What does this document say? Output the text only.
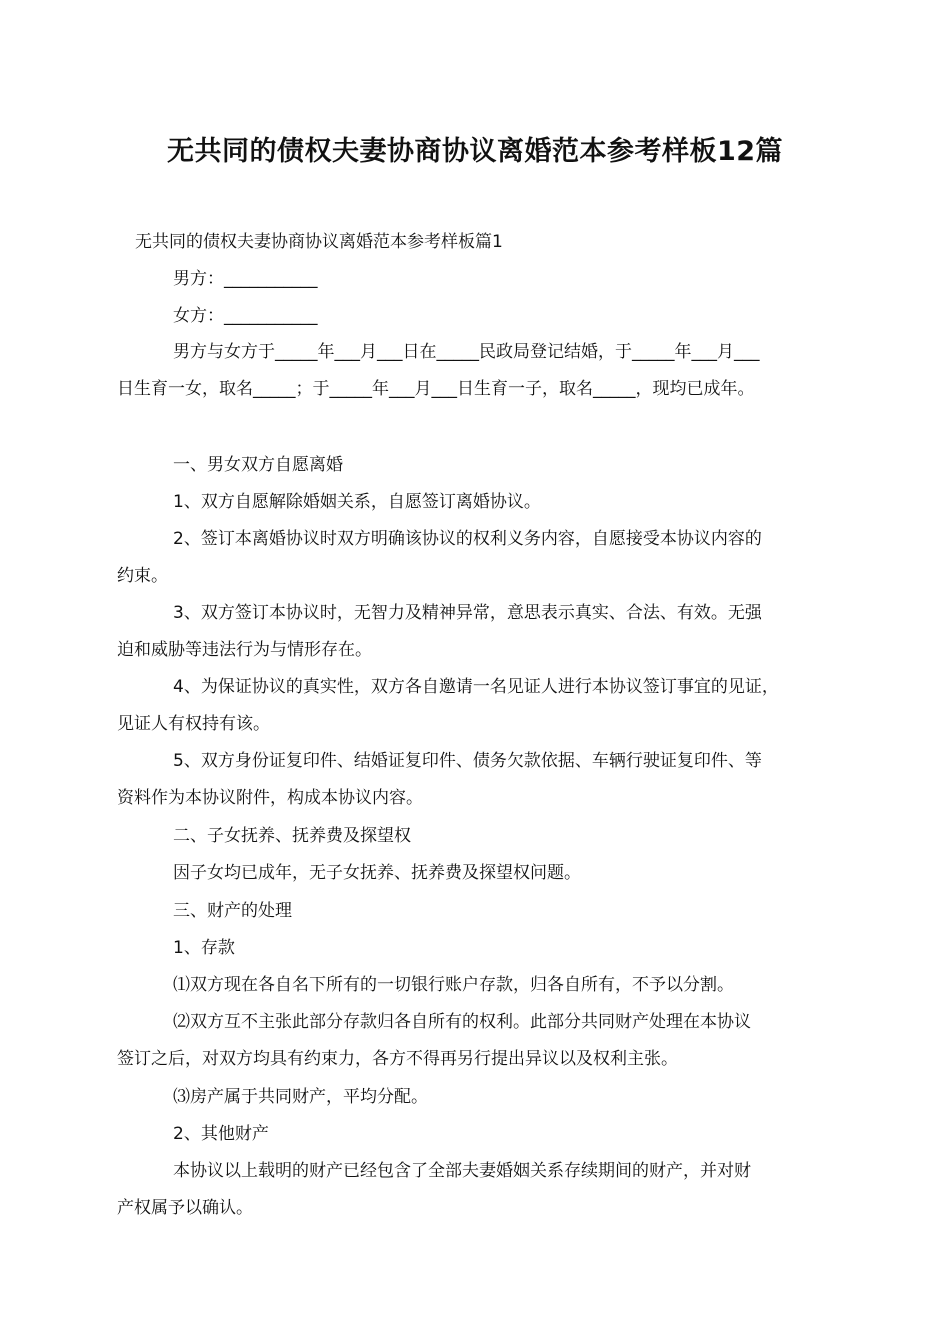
无共同的债权夫妻协商协议离婚范本参考样板12篇
无共同的债权夫妻协商协议离婚范本参考样板篇1
男方：___________
女方：___________
男方与女方于_____年___月___日在_____民政局登记结婚，于_____年___月___
日生育一女，取名_____；于_____年___月___日生育一子，取名_____，现均已成年。
一、男女双方自愿离婚
1、双方自愿解除婚姻关系，自愿签订离婚协议。
2、签订本离婚协议时双方明确该协议的权利义务内容，自愿接受本协议内容的
约束。
3、双方签订本协议时，无智力及精神异常，意思表示真实、合法、有效。无强
迫和威胁等违法行为与情形存在。
4、为保证协议的真实性，双方各自邀请一名见证人进行本协议签订事宜的见证，
见证人有权持有该。
5、双方身份证复印件、结婚证复印件、债务欠款依据、车辆行驶证复印件、等
资料作为本协议附件，构成本协议内容。
二、子女抚养、抚养费及探望权
因子女均已成年，无子女抚养、抚养费及探望权问题。
三、财产的处理
1、存款
⑴双方现在各自名下所有的一切银行账户存款，归各自所有，不予以分割。
⑵双方互不主张此部分存款归各自所有的权利。此部分共同财产处理在本协议
签订之后，对双方均具有约束力，各方不得再另行提出异议以及权利主张。
⑶房产属于共同财产，平均分配。
2、其他财产
本协议以上载明的财产已经包含了全部夫妻婚姻关系存续期间的财产，并对财
产权属予以确认。
